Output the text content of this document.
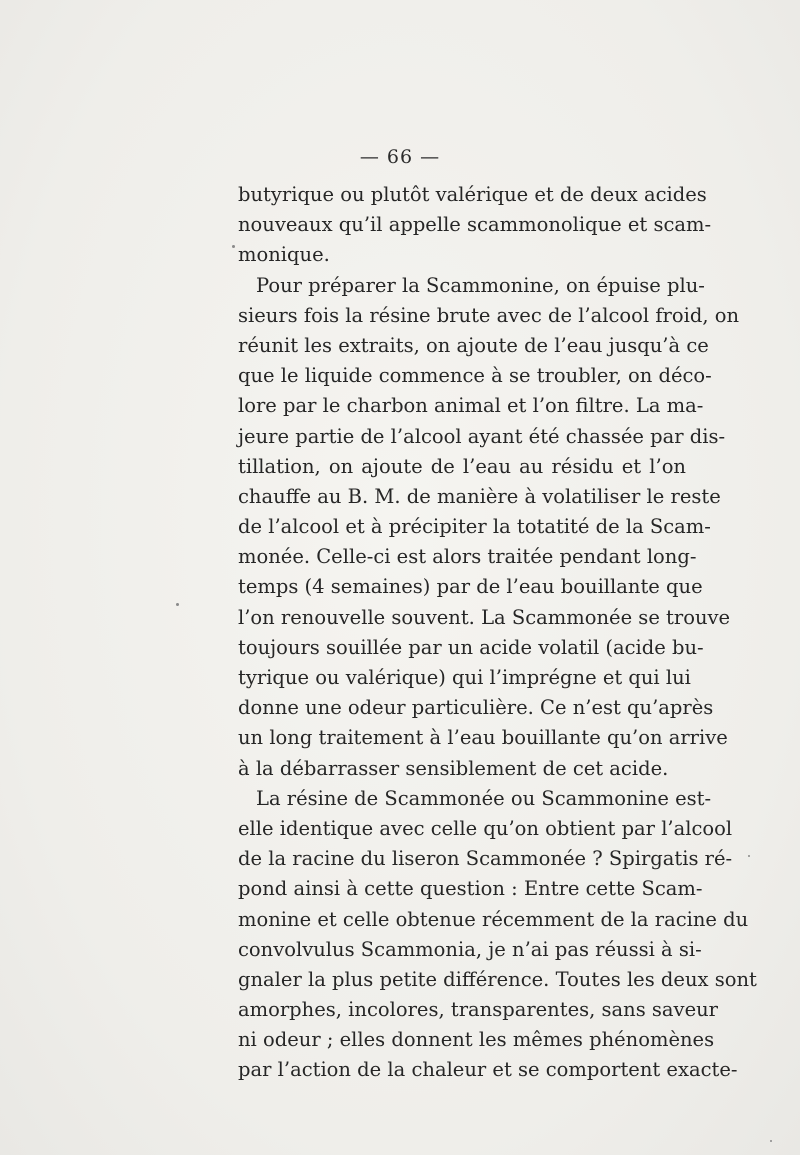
— 66 —
butyrique ou plutôt valérique et de deux acides
nouveaux qu’il appelle scammonolique et scam-
monique.
Pour préparer la Scammonine, on épuise plu-
sieurs fois la résine brute avec de l’alcool froid, on
réunit les extraits, on ajoute de l’eau jusqu’à ce
que le liquide commence à se troubler, on déco-
lore par le charbon animal et l’on filtre. La ma-
jeure partie de l’alcool ayant été chassée par dis-
tillation, on ajoute de l’eau au résidu et l’on
chauffe au B. M. de manière à volatiliser le reste
de l’alcool et à précipiter la totatité de la Scam-
monée. Celle-ci est alors traitée pendant long-
temps (4 semaines) par de l’eau bouillante que
l’on renouvelle souvent. La Scammonée se trouve
toujours souillée par un acide volatil (acide bu-
tyrique ou valérique) qui l’imprégne et qui lui
donne une odeur particulière. Ce n’est qu’après
un long traitement à l’eau bouillante qu’on arrive
à la débarrasser sensiblement de cet acide.
La résine de Scammonée ou Scammonine est-
elle identique avec celle qu’on obtient par l’alcool
de la racine du liseron Scammonée ? Spirgatis ré-
pond ainsi à cette question : Entre cette Scam-
monine et celle obtenue récemment de la racine du
convolvulus Scammonia, je n’ai pas réussi à si-
gnaler la plus petite différence. Toutes les deux sont
amorphes, incolores, transparentes, sans saveur
ni odeur ; elles donnent les mêmes phénomènes
par l’action de la chaleur et se comportent exacte-
